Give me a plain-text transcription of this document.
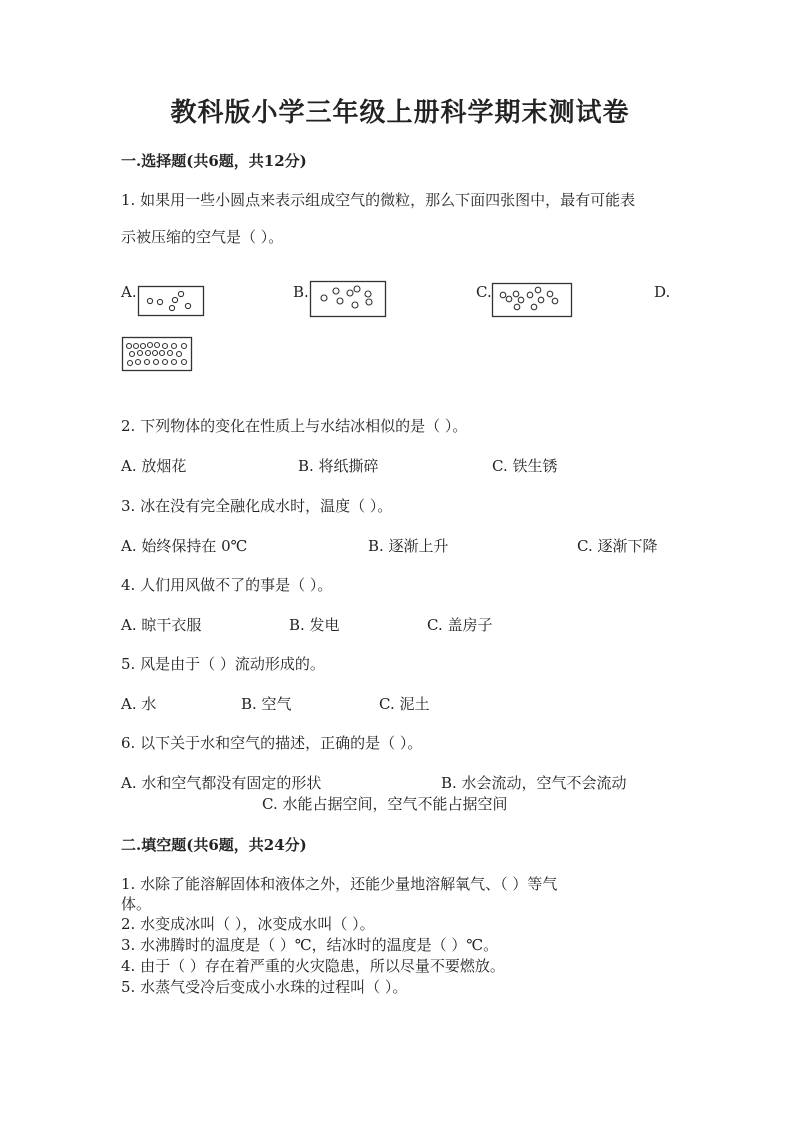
教科版小学三年级上册科学期末测试卷
一.选择题(共6题，共12分)
1. 如果用一些小圆点来表示组成空气的微粒，那么下面四张图中，最有可能表
示被压缩的空气是（ ）。
A.	B.	C.	D.
2. 下列物体的变化在性质上与水结冰相似的是（ ）。
A. 放烟花	B. 将纸撕碎	C. 铁生锈
3. 冰在没有完全融化成水时，温度（ ）。
A. 始终保持在 0℃	B. 逐渐上升	C. 逐渐下降
4. 人们用风做不了的事是（ ）。
A. 晾干衣服	B. 发电	C. 盖房子
5. 风是由于（ ）流动形成的。
A. 水	B. 空气	C. 泥土
6. 以下关于水和空气的描述，正确的是（ ）。
A. 水和空气都没有固定的形状	B. 水会流动，空气不会流动
C. 水能占据空间，空气不能占据空间
二.填空题(共6题，共24分)
1. 水除了能溶解固体和液体之外，还能少量地溶解氧气、（ ）等气
体。
2. 水变成冰叫（ ），冰变成水叫（ ）。
3. 水沸腾时的温度是（ ）℃，结冰时的温度是（ ）℃。
4. 由于（ ）存在着严重的火灾隐患，所以尽量不要燃放。
5. 水蒸气受冷后变成小水珠的过程叫（ ）。
